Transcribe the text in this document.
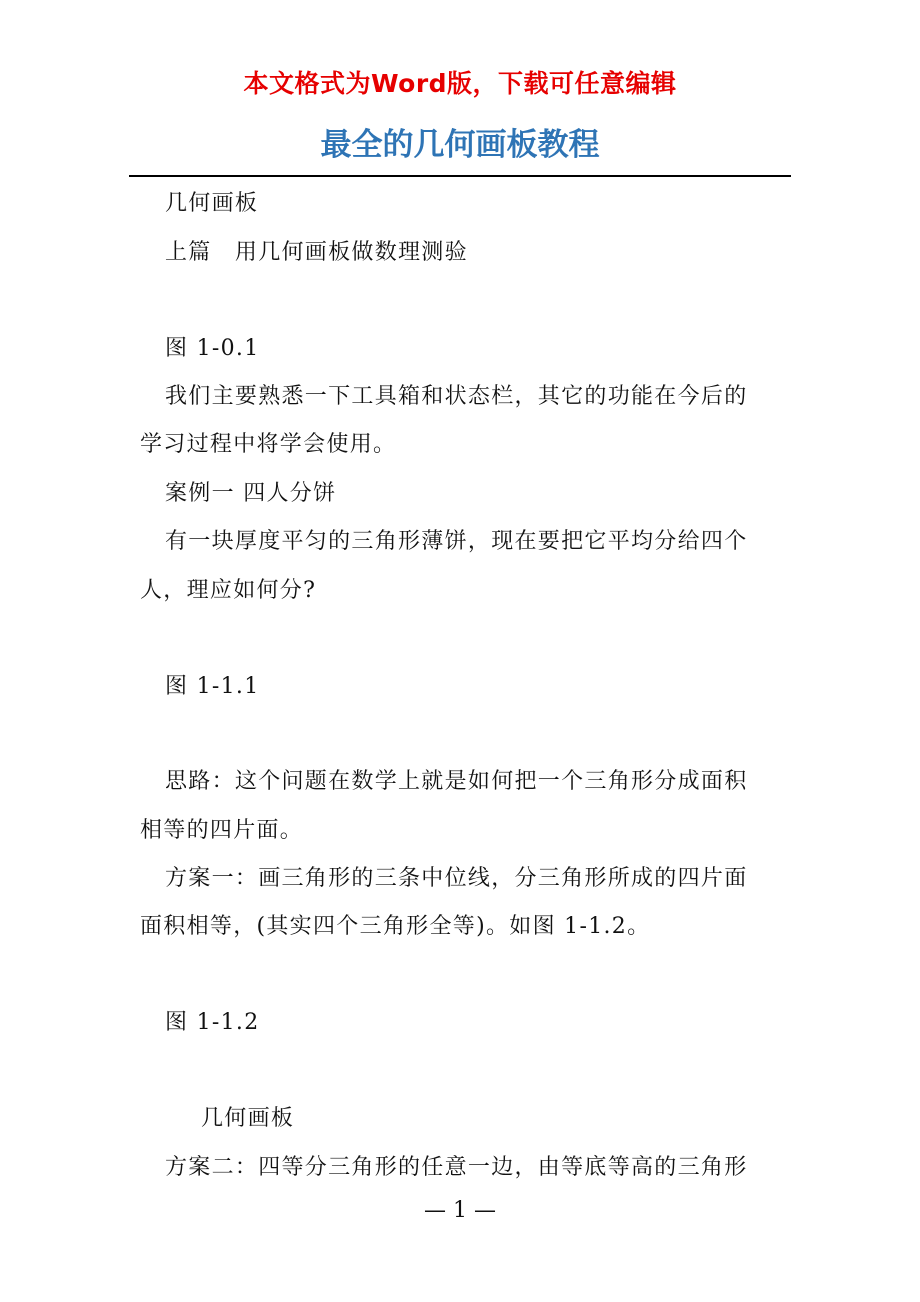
本文格式为Word版，下载可任意编辑
最全的几何画板教程
几何画板
上篇　用几何画板做数理测验
图 1-0.1
我们主要熟悉一下工具箱和状态栏，其它的功能在今后的
学习过程中将学会使用。
案例一 四人分饼
有一块厚度平匀的三角形薄饼，现在要把它平均分给四个
人，理应如何分?
图 1-1.1
思路：这个问题在数学上就是如何把一个三角形分成面积
相等的四片面。
方案一：画三角形的三条中位线，分三角形所成的四片面
面积相等，(其实四个三角形全等)。如图 1-1.2。
图 1-1.2
几何画板
方案二：四等分三角形的任意一边，由等底等高的三角形
— 1 —
